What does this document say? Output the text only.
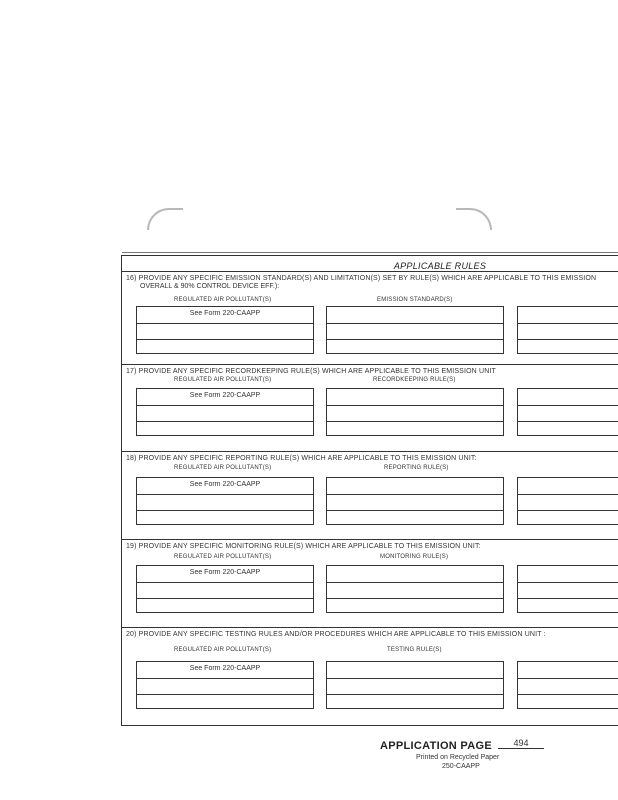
APPLICABLE RULES
16) PROVIDE ANY SPECIFIC EMISSION STANDARD(S) AND LIMITATION(S) SET BY RULE(S) WHICH ARE APPLICABLE TO THIS EMISSION
OVERALL & 90% CONTROL DEVICE EFF.):
REGULATED AIR POLLUTANT(S)	EMISSION STANDARD(S)
See Form 220-CAAPP
17) PROVIDE ANY SPECIFIC RECORDKEEPING RULE(S) WHICH ARE APPLICABLE TO THIS EMISSION UNIT
REGULATED AIR POLLUTANT(S)	RECORDKEEPING RULE(S)
See Form 220-CAAPP
18) PROVIDE ANY SPECIFIC REPORTING RULE(S) WHICH ARE APPLICABLE TO THIS EMISSION UNIT:
REGULATED AIR POLLUTANT(S)	REPORTING RULE(S)
See Form 220-CAAPP
19) PROVIDE ANY SPECIFIC MONITORING RULE(S) WHICH ARE APPLICABLE TO THIS EMISSION UNIT:
REGULATED AIR POLLUTANT(S)	MONITORING RULE(S)
See Form 220-CAAPP
20) PROVIDE ANY SPECIFIC TESTING RULES AND/OR PROCEDURES WHICH ARE APPLICABLE TO THIS EMISSION UNIT :
REGULATED AIR POLLUTANT(S)	TESTING RULE(S)
See Form 220-CAAPP
APPLICATION PAGE	494
Printed on Recycled Paper
250-CAAPP
